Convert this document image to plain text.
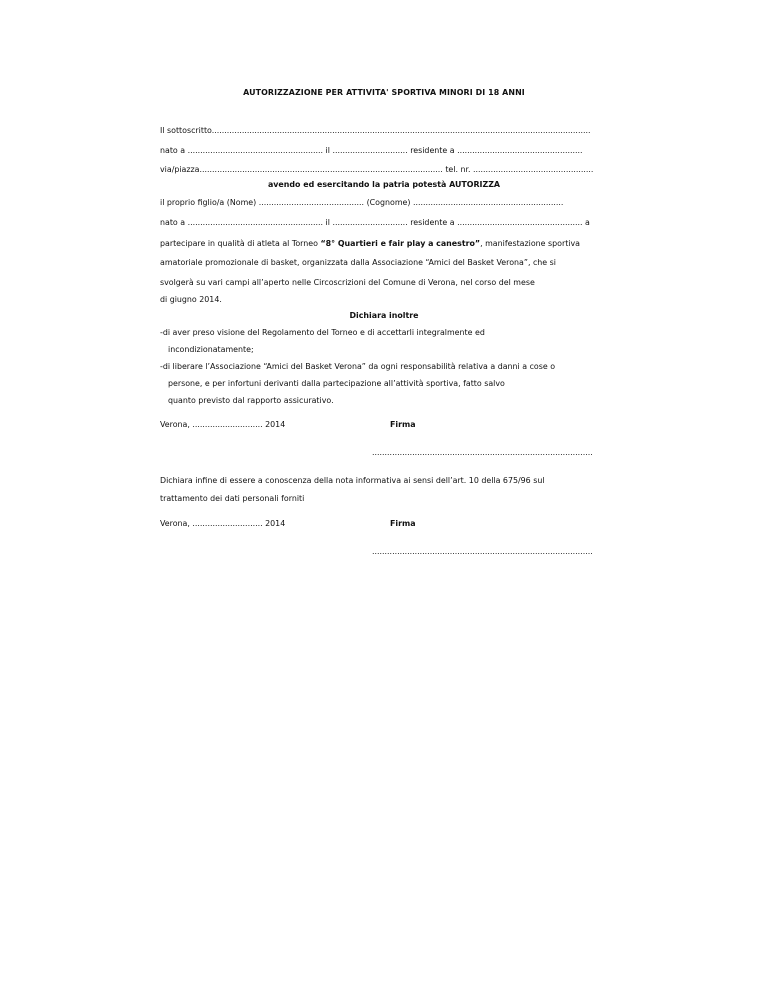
AUTORIZZAZIONE PER ATTIVITA' SPORTIVA MINORI DI 18 ANNI
Il sottoscritto.......................................................................................................................................................
nato a ...................................................... il .............................. residente a ..................................................
via/piazza................................................................................................. tel. nr. ................................................
avendo ed esercitando la patria potestà AUTORIZZA
il proprio figlio/a (Nome) .......................................... (Cognome) ............................................................
nato a ...................................................... il .............................. residente a .................................................. a
partecipare in qualità di atleta al Torneo “8° Quartieri e fair play a canestro”, manifestazione sportiva
amatoriale promozionale di basket, organizzata dalla Associazione “Amici del Basket Verona”, che si
svolgerà su vari campi all’aperto nelle Circoscrizioni del Comune di Verona, nel corso del mese
di giugno 2014.
Dichiara inoltre
-di aver preso visione del Regolamento del Torneo e di accettarli integralmente ed
incondizionatamente;
-di liberare l’Associazione “Amici del Basket Verona” da ogni responsabilità relativa a danni a cose o
persone, e per infortuni derivanti dalla partecipazione all’attività sportiva, fatto salvo
quanto previsto dal rapporto assicurativo.
Verona, ............................ 2014	Firma
........................................................................................
Dichiara infine di essere a conoscenza della nota informativa ai sensi dell’art. 10 della 675/96 sul
trattamento dei dati personali forniti
Verona, ............................ 2014	Firma
........................................................................................
